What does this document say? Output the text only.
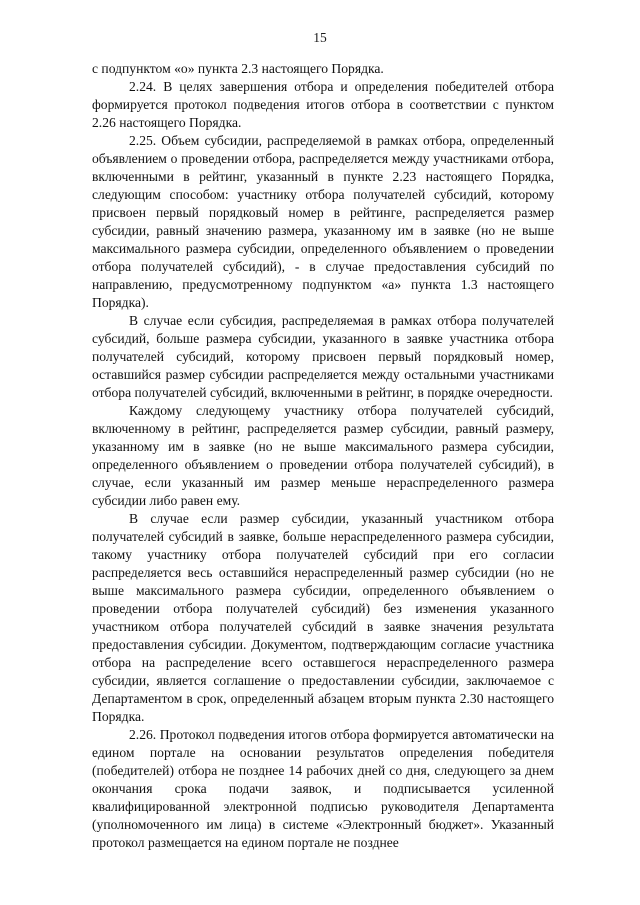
15

с подпунктом «о» пункта 2.3 настоящего Порядка.

2.24. В целях завершения отбора и определения победителей отбора формируется протокол подведения итогов отбора в соответствии с пунктом 2.26 настоящего Порядка.

2.25. Объем субсидии, распределяемой в рамках отбора, определенный объявлением о проведении отбора, распределяется между участниками отбора, включенными в рейтинг, указанный в пункте 2.23 настоящего Порядка, следующим способом: участнику отбора получателей субсидий, которому присвоен первый порядковый номер в рейтинге, распределяется размер субсидии, равный значению размера, указанному им в заявке (но не выше максимального размера субсидии, определенного объявлением о проведении отбора получателей субсидий), - в случае предоставления субсидий по направлению, предусмотренному подпунктом «а» пункта 1.3 настоящего Порядка).

В случае если субсидия, распределяемая в рамках отбора получателей субсидий, больше размера субсидии, указанного в заявке участника отбора получателей субсидий, которому присвоен первый порядковый номер, оставшийся размер субсидии распределяется между остальными участниками отбора получателей субсидий, включенными в рейтинг, в порядке очередности.

Каждому следующему участнику отбора получателей субсидий, включенному в рейтинг, распределяется размер субсидии, равный размеру, указанному им в заявке (но не выше максимального размера субсидии, определенного объявлением о проведении отбора получателей субсидий), в случае, если указанный им размер меньше нераспределенного размера субсидии либо равен ему.

В случае если размер субсидии, указанный участником отбора получателей субсидий в заявке, больше нераспределенного размера субсидии, такому участнику отбора получателей субсидий при его согласии распределяется весь оставшийся нераспределенный размер субсидии (но не выше максимального размера субсидии, определенного объявлением о проведении отбора получателей субсидий) без изменения указанного участником отбора получателей субсидий в заявке значения результата предоставления субсидии. Документом, подтверждающим согласие участника отбора на распределение всего оставшегося нераспределенного размера субсидии, является соглашение о предоставлении субсидии, заключаемое с Департаментом в срок, определенный абзацем вторым пункта 2.30 настоящего Порядка.

2.26. Протокол подведения итогов отбора формируется автоматически на едином портале на основании результатов определения победителя (победителей) отбора не позднее 14 рабочих дней со дня, следующего за днем окончания срока подачи заявок, и подписывается усиленной квалифицированной электронной подписью руководителя Департамента (уполномоченного им лица) в системе «Электронный бюджет». Указанный протокол размещается на едином портале не позднее
